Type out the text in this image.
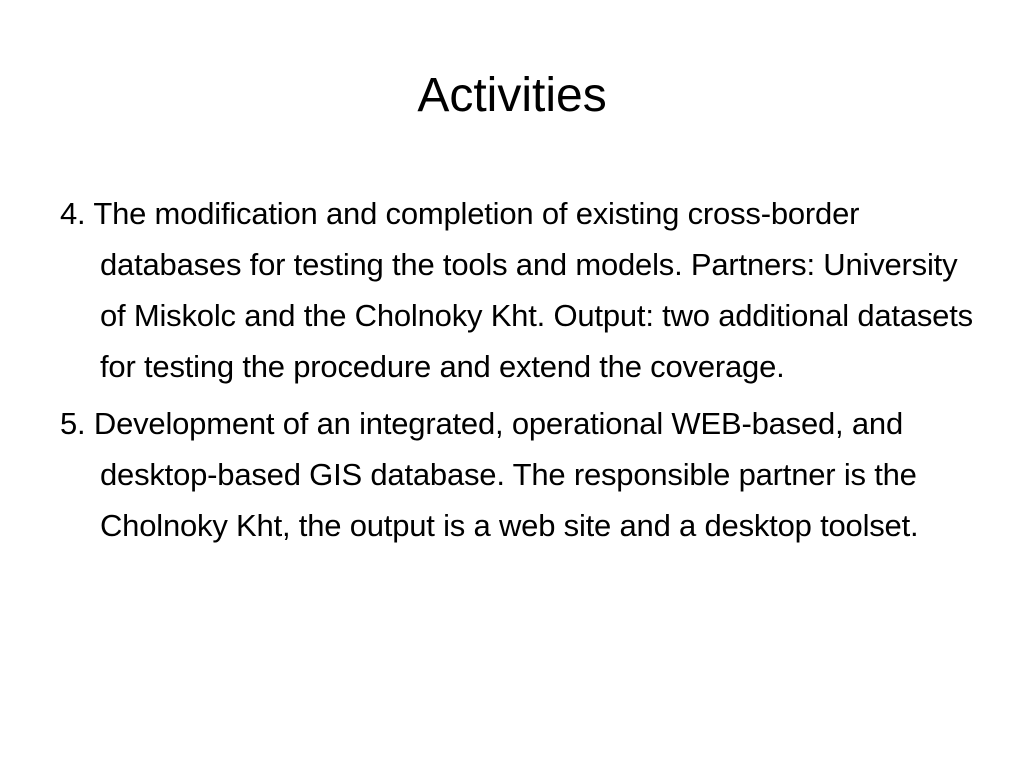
Activities
4. The modification and completion of existing cross-border databases for testing the tools and models. Partners: University of Miskolc and the Cholnoky Kht. Output: two additional datasets for testing the procedure and extend the coverage.
5. Development of an integrated, operational WEB-based, and desktop-based GIS database. The responsible partner is the Cholnoky Kht, the output is a web site and a desktop toolset.
